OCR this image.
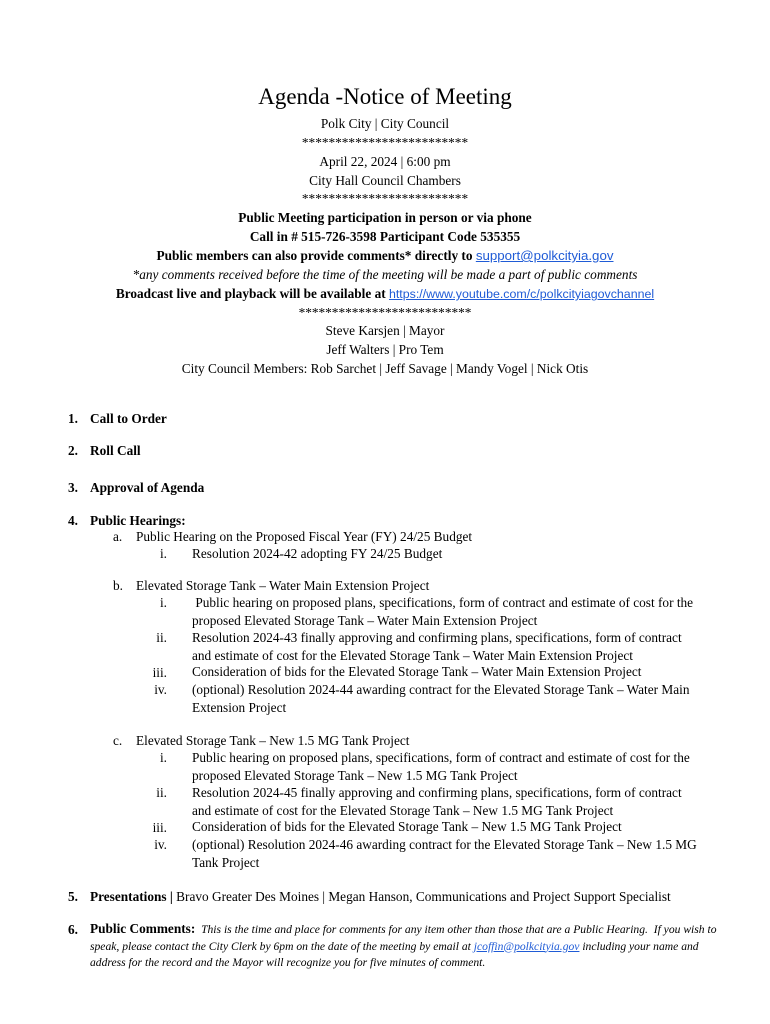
Agenda -Notice of Meeting
Polk City | City Council
*************************
April 22, 2024 | 6:00 pm
City Hall Council Chambers
*************************
Public Meeting participation in person or via phone
Call in # 515-726-3598 Participant Code 535355
Public members can also provide comments* directly to support@polkcityia.gov
*any comments received before the time of the meeting will be made a part of public comments
Broadcast live and playback will be available at https://www.youtube.com/c/polkcityiagovchannel
**************************
Steve Karsjen | Mayor
Jeff Walters | Pro Tem
City Council Members: Rob Sarchet | Jeff Savage | Mandy Vogel | Nick Otis
1. Call to Order
2. Roll Call
3. Approval of Agenda
4. Public Hearings:
a. Public Hearing on the Proposed Fiscal Year (FY) 24/25 Budget
i. Resolution 2024-42 adopting FY 24/25 Budget
b. Elevated Storage Tank – Water Main Extension Project
i. Public hearing on proposed plans, specifications, form of contract and estimate of cost for the
proposed Elevated Storage Tank – Water Main Extension Project
ii. Resolution 2024-43 finally approving and confirming plans, specifications, form of contract
and estimate of cost for the Elevated Storage Tank – Water Main Extension Project
iii. Consideration of bids for the Elevated Storage Tank – Water Main Extension Project
iv. (optional) Resolution 2024-44 awarding contract for the Elevated Storage Tank – Water Main
Extension Project
c. Elevated Storage Tank – New 1.5 MG Tank Project
i. Public hearing on proposed plans, specifications, form of contract and estimate of cost for the
proposed Elevated Storage Tank – New 1.5 MG Tank Project
ii. Resolution 2024-45 finally approving and confirming plans, specifications, form of contract
and estimate of cost for the Elevated Storage Tank – New 1.5 MG Tank Project
iii. Consideration of bids for the Elevated Storage Tank – New 1.5 MG Tank Project
iv. (optional) Resolution 2024-46 awarding contract for the Elevated Storage Tank – New 1.5 MG
Tank Project
5. Presentations | Bravo Greater Des Moines | Megan Hanson, Communications and Project Support Specialist
6. Public Comments:  This is the time and place for comments for any item other than those that are a Public Hearing.  If you wish to speak, please contact the City Clerk by 6pm on the date of the meeting by email at jcoffin@polkcityia.gov including your name and address for the record and the Mayor will recognize you for five minutes of comment.
